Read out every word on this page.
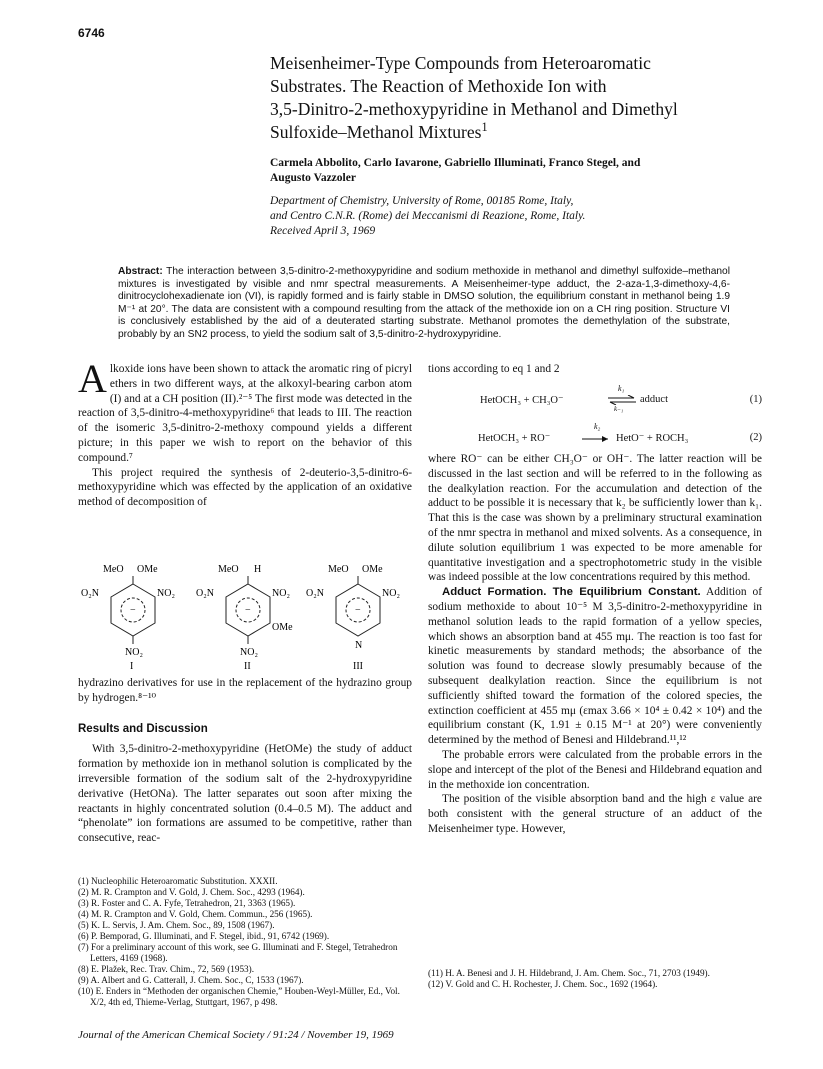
6746
Meisenheimer-Type Compounds from Heteroaromatic
Substrates. The Reaction of Methoxide Ion with
3,5-Dinitro-2-methoxypyridine in Methanol and Dimethyl
Sulfoxide–Methanol Mixtures$^1$
Carmela Abbolito, Carlo Iavarone, Gabriello Illuminati, Franco Stegel, and
Augusto Vazzoler
Department of Chemistry, University of Rome, 00185 Rome, Italy,
and Centro C.N.R. (Rome) dei Meccanismi di Reazione, Rome, Italy.
Received April 3, 1969
Abstract: The interaction between 3,5-dinitro-2-methoxypyridine and sodium methoxide in methanol and dimethyl sulfoxide–methanol mixtures is investigated by visible and nmr spectral measurements. A Meisenheimer-type adduct, the 2-aza-1,3-dimethoxy-4,6-dinitrocyclohexadienate ion (VI), is rapidly formed and is fairly stable in DMSO solution, the equilibrium constant in methanol being 1.9 M⁻¹ at 20°. The data are consistent with a compound resulting from the attack of the methoxide ion on a CH ring position. Structure VI is conclusively established by the aid of a deuterated starting substrate. Methanol promotes the demethylation of the substrate, probably by an SN2 process, to yield the sodium salt of 3,5-dinitro-2-hydroxypyridine.

Alkoxide ions have been shown to attack the aromatic ring of picryl ethers in two different ways, at the alkoxyl-bearing carbon atom (I) and at a CH position (II).²⁻⁵ The first mode was detected in the reaction of 3,5-dinitro-4-methoxypyridine⁶ that leads to III. The reaction of the isomeric 3,5-dinitro-2-methoxy compound yields a different picture; in this paper we wish to report on the behavior of this compound.⁷

This project required the synthesis of 2-deuterio-3,5-dinitro-6-methoxypyridine which was effected by the application of an oxidative method of decomposition of

MeO OMe
−
O₂N	NO₂
NO₂
I
MeO H
−
O₂N	NO₂
OMe
NO₂
II
MeO OMe
−
O₂N	NO₂
N
III

hydrazino derivatives for use in the replacement of the hydrazino group by hydrogen.⁸⁻¹⁰

Results and Discussion

With 3,5-dinitro-2-methoxypyridine (HetOMe) the study of adduct formation by methoxide ion in methanol solution is complicated by the irreversible formation of the sodium salt of the 2-hydroxypyridine derivative (HetONa). The latter separates out soon after mixing the reactants in highly concentrated solution (0.4–0.5 M). The adduct and “phenolate” ion formations are assumed to be competitive, rather than consecutive, reac-

(1) Nucleophilic Heteroaromatic Substitution. XXXII.
(2) M. R. Crampton and V. Gold, J. Chem. Soc., 4293 (1964).
(3) R. Foster and C. A. Fyfe, Tetrahedron, 21, 3363 (1965).
(4) M. R. Crampton and V. Gold, Chem. Commun., 256 (1965).
(5) K. L. Servis, J. Am. Chem. Soc., 89, 1508 (1967).
(6) P. Bemporad, G. Illuminati, and F. Stegel, ibid., 91, 6742 (1969).
(7) For a preliminary account of this work, see G. Illuminati and F. Stegel, Tetrahedron Letters, 4169 (1968).
(8) E. Plažek, Rec. Trav. Chim., 72, 569 (1953).
(9) A. Albert and G. Catterall, J. Chem. Soc., C, 1533 (1967).
(10) E. Enders in “Methoden der organischen Chemie,” Houben-Weyl-Müller, Ed., Vol. X/2, 4th ed, Thieme-Verlag, Stuttgart, 1967, p 498.

tions according to eq 1 and 2

HetOCH₃ + CH₃O⁻
k₁
k₋₁
adduct	(1)
HetOCH₃ + RO⁻
k₂
→ HetO⁻ + ROCH₃	(2)

where RO⁻ can be either CH₃O⁻ or OH⁻. The latter reaction will be discussed in the last section and will be referred to in the following as the dealkylation reaction. For the accumulation and detection of the adduct to be possible it is necessary that k₂ be sufficiently lower than k₁. That this is the case was shown by a preliminary structural examination of the nmr spectra in methanol and mixed solvents. As a consequence, in dilute solution equilibrium 1 was expected to be more amenable for quantitative investigation and a spectrophotometric study in the visible was indeed possible at the low concentrations required by this method.

Adduct Formation. The Equilibrium Constant. Addition of sodium methoxide to about 10⁻⁵ M 3,5-dinitro-2-methoxypyridine in methanol solution leads to the rapid formation of a yellow species, which shows an absorption band at 455 mμ. The reaction is too fast for kinetic measurements by standard methods; the absorbance of the solution was found to decrease slowly presumably because of the subsequent dealkylation reaction. Since the equilibrium is not sufficiently shifted toward the formation of the colored species, the extinction coefficient at 455 mμ (εmax 3.66 × 10⁴ ± 0.42 × 10⁴) and the equilibrium constant (K, 1.91 ± 0.15 M⁻¹ at 20°) were conveniently determined by the method of Benesi and Hildebrand.¹¹,¹²

The probable errors were calculated from the probable errors in the slope and intercept of the plot of the Benesi and Hildebrand equation and in the methoxide ion concentration.

The position of the visible absorption band and the high ε value are both consistent with the general structure of an adduct of the Meisenheimer type. However,

(11) H. A. Benesi and J. H. Hildebrand, J. Am. Chem. Soc., 71, 2703 (1949).
(12) V. Gold and C. H. Rochester, J. Chem. Soc., 1692 (1964).
Journal of the American Chemical Society / 91:24 / November 19, 1969
